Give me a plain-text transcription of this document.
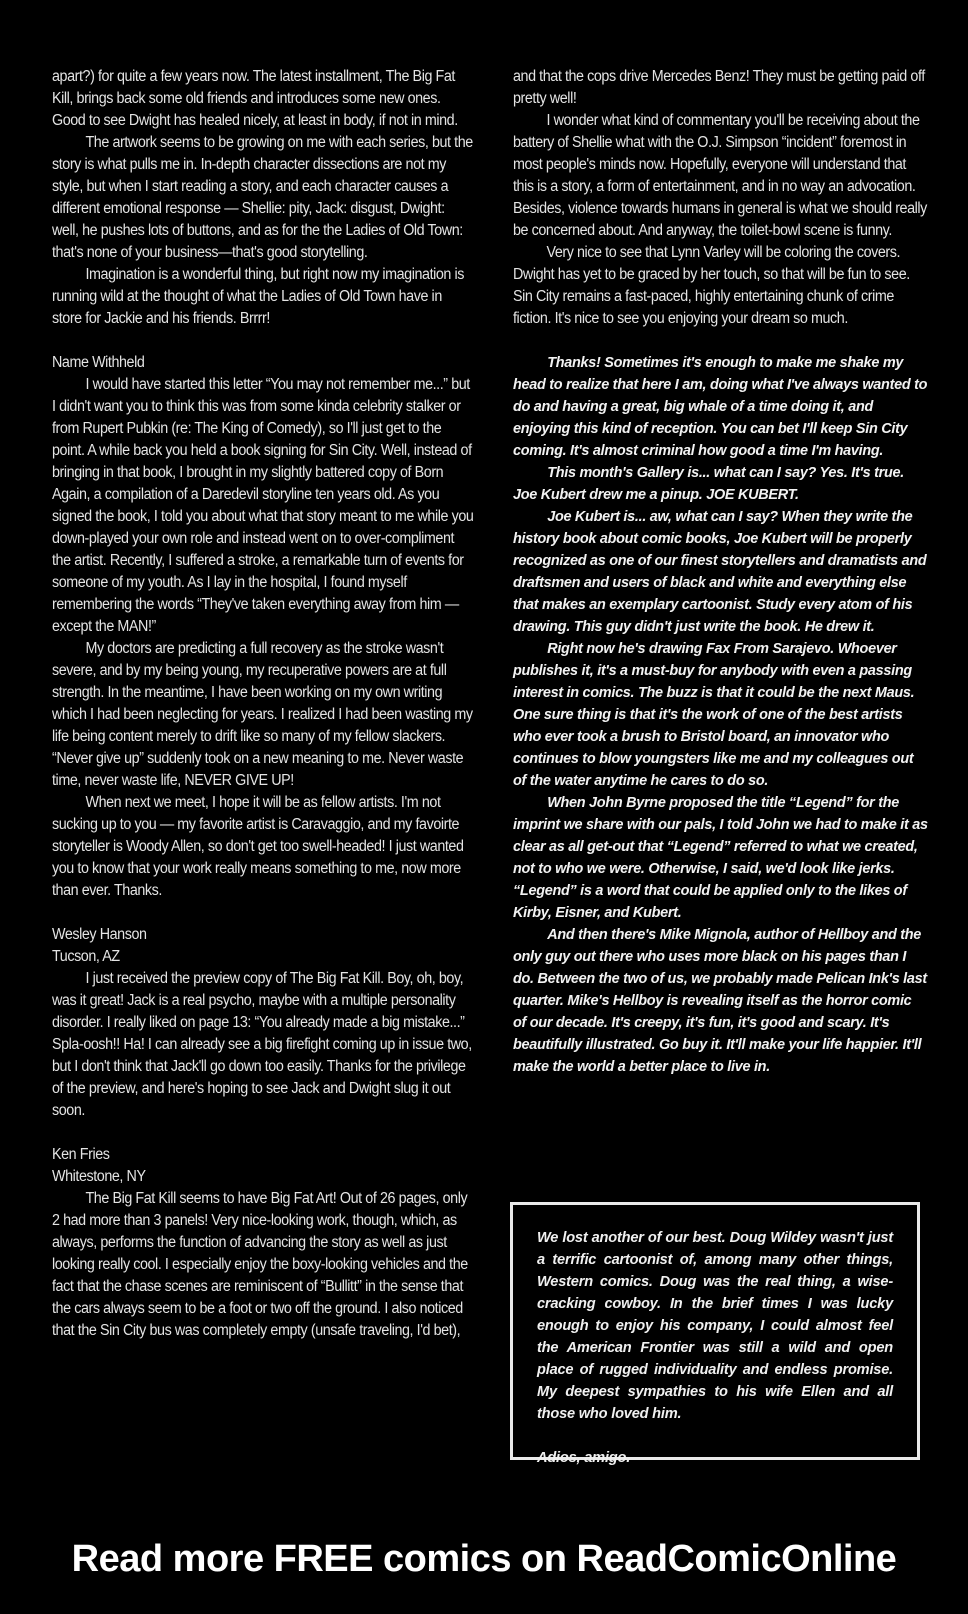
apart?) for quite a few years now. The latest installment, The Big Fat Kill, brings back some old friends and introduces some new ones. Good to see Dwight has healed nicely, at least in body, if not in mind.

The artwork seems to be growing on me with each series, but the story is what pulls me in. In-depth character dissections are not my style, but when I start reading a story, and each character causes a different emotional response — Shellie: pity, Jack: disgust, Dwight: well, he pushes lots of buttons, and as for the the Ladies of Old Town: that's none of your business—that's good storytelling.

Imagination is a wonderful thing, but right now my imagination is running wild at the thought of what the Ladies of Old Town have in store for Jackie and his friends. Brrrr!

Name Withheld

I would have started this letter “You may not remember me...” but I didn't want you to think this was from some kinda celebrity stalker or from Rupert Pubkin (re: The King of Comedy), so I'll just get to the point. A while back you held a book signing for Sin City. Well, instead of bringing in that book, I brought in my slightly battered copy of Born Again, a compilation of a Daredevil storyline ten years old. As you signed the book, I told you about what that story meant to me while you down-played your own role and instead went on to over-compliment the artist. Recently, I suffered a stroke, a remarkable turn of events for someone of my youth. As I lay in the hospital, I found myself remembering the words “They've taken everything away from him — except the MAN!”

My doctors are predicting a full recovery as the stroke wasn't severe, and by my being young, my recuperative powers are at full strength. In the meantime, I have been working on my own writing which I had been neglecting for years. I realized I had been wasting my life being content merely to drift like so many of my fellow slackers. “Never give up” suddenly took on a new meaning to me. Never waste time, never waste life, NEVER GIVE UP!

When next we meet, I hope it will be as fellow artists. I'm not sucking up to you — my favorite artist is Caravaggio, and my favoirte storyteller is Woody Allen, so don't get too swell-headed! I just wanted you to know that your work really means something to me, now more than ever. Thanks.

Wesley Hanson

Tucson, AZ

I just received the preview copy of The Big Fat Kill. Boy, oh, boy, was it great! Jack is a real psycho, maybe with a multiple personality disorder. I really liked on page 13: “You already made a big mistake...” Spla-oosh!! Ha! I can already see a big firefight coming up in issue two, but I don't think that Jack'll go down too easily. Thanks for the privilege of the preview, and here's hoping to see Jack and Dwight slug it out soon.

Ken Fries

Whitestone, NY

The Big Fat Kill seems to have Big Fat Art! Out of 26 pages, only 2 had more than 3 panels! Very nice-looking work, though, which, as always, performs the function of advancing the story as well as just looking really cool. I especially enjoy the boxy-looking vehicles and the fact that the chase scenes are reminiscent of “Bullitt” in the sense that the cars always seem to be a foot or two off the ground. I also noticed that the Sin City bus was completely empty (unsafe traveling, I'd bet),

and that the cops drive Mercedes Benz! They must be getting paid off pretty well!

I wonder what kind of commentary you'll be receiving about the battery of Shellie what with the O.J. Simpson “incident” foremost in most people's minds now. Hopefully, everyone will understand that this is a story, a form of entertainment, and in no way an advocation. Besides, violence towards humans in general is what we should really be concerned about. And anyway, the toilet-bowl scene is funny.

Very nice to see that Lynn Varley will be coloring the covers. Dwight has yet to be graced by her touch, so that will be fun to see. Sin City remains a fast-paced, highly entertaining chunk of crime fiction. It's nice to see you enjoying your dream so much.

Thanks! Sometimes it's enough to make me shake my head to realize that here I am, doing what I've always wanted to do and having a great, big whale of a time doing it, and enjoying this kind of reception. You can bet I'll keep Sin City coming. It's almost criminal how good a time I'm having.

This month's Gallery is... what can I say? Yes. It's true. Joe Kubert drew me a pinup. JOE KUBERT.

Joe Kubert is... aw, what can I say? When they write the history book about comic books, Joe Kubert will be properly recognized as one of our finest storytellers and dramatists and draftsmen and users of black and white and everything else that makes an exemplary cartoonist. Study every atom of his drawing. This guy didn't just write the book. He drew it.

Right now he's drawing Fax From Sarajevo. Whoever publishes it, it's a must-buy for anybody with even a passing interest in comics. The buzz is that it could be the next Maus. One sure thing is that it's the work of one of the best artists who ever took a brush to Bristol board, an innovator who continues to blow youngsters like me and my colleagues out of the water anytime he cares to do so.

When John Byrne proposed the title “Legend” for the imprint we share with our pals, I told John we had to make it as clear as all get-out that “Legend” referred to what we created, not to who we were. Otherwise, I said, we'd look like jerks. “Legend” is a word that could be applied only to the likes of Kirby, Eisner, and Kubert.

And then there's Mike Mignola, author of Hellboy and the only guy out there who uses more black on his pages than I do. Between the two of us, we probably made Pelican Ink's last quarter. Mike's Hellboy is revealing itself as the horror comic of our decade. It's creepy, it's fun, it's good and scary. It's beautifully illustrated. Go buy it. It'll make your life happier. It'll make the world a better place to live in.

We lost another of our best. Doug Wildey wasn't just a terrific cartoonist of, among many other things, Western comics. Doug was the real thing, a wise-cracking cowboy. In the brief times I was lucky enough to enjoy his company, I could almost feel the American Frontier was still a wild and open place of rugged individuality and endless promise. My deepest sympathies to his wife Ellen and all those who loved him.

Adios, amigo.

Read more FREE comics on ReadComicOnline
